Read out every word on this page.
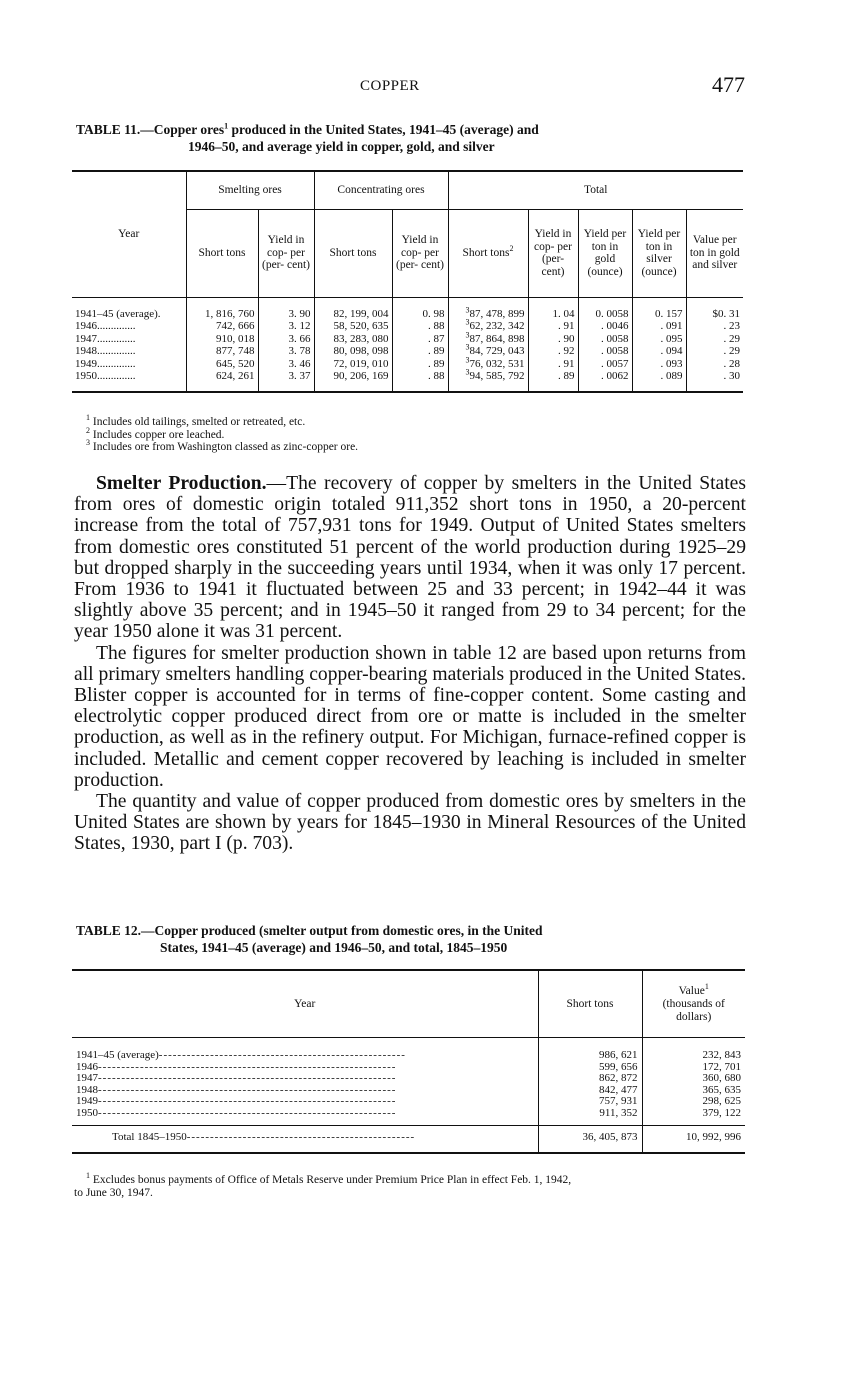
COPPER	477
TABLE 11.—Copper ores$^1$ produced in the United States, 1941–45 (average) and
1946–50, and average yield in copper, gold, and silver
Year	Smelting ores		Concentrating ores		Total				
	Short tons	Yield in cop- per (per- cent)	Short tons	Yield in cop- per (per- cent)	Short tons$^2$	Yield in cop- per (per- cent)	Yield per ton in gold (ounce)	Yield per ton in silver (ounce)	Value per ton in gold and silver
1941–45 (average).	1, 816, 760	3. 90	82, 199, 004	0. 98	$^3$87, 478, 899	1. 04	0. 0058	0. 157	$0. 31
1946..............	742, 666	3. 12	58, 520, 635	. 88	$^3$62, 232, 342	. 91	. 0046	. 091	. 23
1947..............	910, 018	3. 66	83, 283, 080	. 87	$^3$87, 864, 898	. 90	. 0058	. 095	. 29
1948..............	877, 748	3. 78	80, 098, 098	. 89	$^3$84, 729, 043	. 92	. 0058	. 094	. 29
1949..............	645, 520	3. 46	72, 019, 010	. 89	$^3$76, 032, 531	. 91	. 0057	. 093	. 28
1950..............	624, 261	3. 37	90, 206, 169	. 88	$^3$94, 585, 792	. 89	. 0062	. 089	. 30
$^1$ Includes old tailings, smelted or retreated, etc.
$^2$ Includes copper ore leached.
$^3$ Includes ore from Washington classed as zinc-copper ore.

Smelter Production.—The recovery of copper by smelters in the United States from ores of domestic origin totaled 911,352 short tons in 1950, a 20-percent increase from the total of 757,931 tons for 1949. Output of United States smelters from domestic ores constituted 51 percent of the world production during 1925–29 but dropped sharply in the succeeding years until 1934, when it was only 17 percent. From 1936 to 1941 it fluctuated between 25 and 33 percent; in 1942–44 it was slightly above 35 percent; and in 1945–50 it ranged from 29 to 34 percent; for the year 1950 alone it was 31 percent.

The figures for smelter production shown in table 12 are based upon returns from all primary smelters handling copper-bearing materials produced in the United States. Blister copper is accounted for in terms of fine-copper content. Some casting and electrolytic copper produced direct from ore or matte is included in the smelter production, as well as in the refinery output. For Michigan, furnace-refined copper is included. Metallic and cement copper recovered by leaching is included in smelter production.

The quantity and value of copper produced from domestic ores by smelters in the United States are shown by years for 1845–1930 in Mineral Resources of the United States, 1930, part I (p. 703).

TABLE 12.—Copper produced (smelter output from domestic ores, in the United
States, 1941–45 (average) and 1946–50, and total, 1845–1950
Year	Short tons	Value$^1$
(thousands of dollars)
1941–45 (average)-----------------------------------------------------	986, 621	232, 843
1946----------------------------------------------------------------	599, 656	172, 701
1947----------------------------------------------------------------	862, 872	360, 680
1948----------------------------------------------------------------	842, 477	365, 635
1949----------------------------------------------------------------	757, 931	298, 625
1950----------------------------------------------------------------	911, 352	379, 122
Total 1845–1950-------------------------------------------------	36, 405, 873	10, 992, 996
$^1$ Excludes bonus payments of Office of Metals Reserve under Premium Price Plan in effect Feb. 1, 1942,
to June 30, 1947.
